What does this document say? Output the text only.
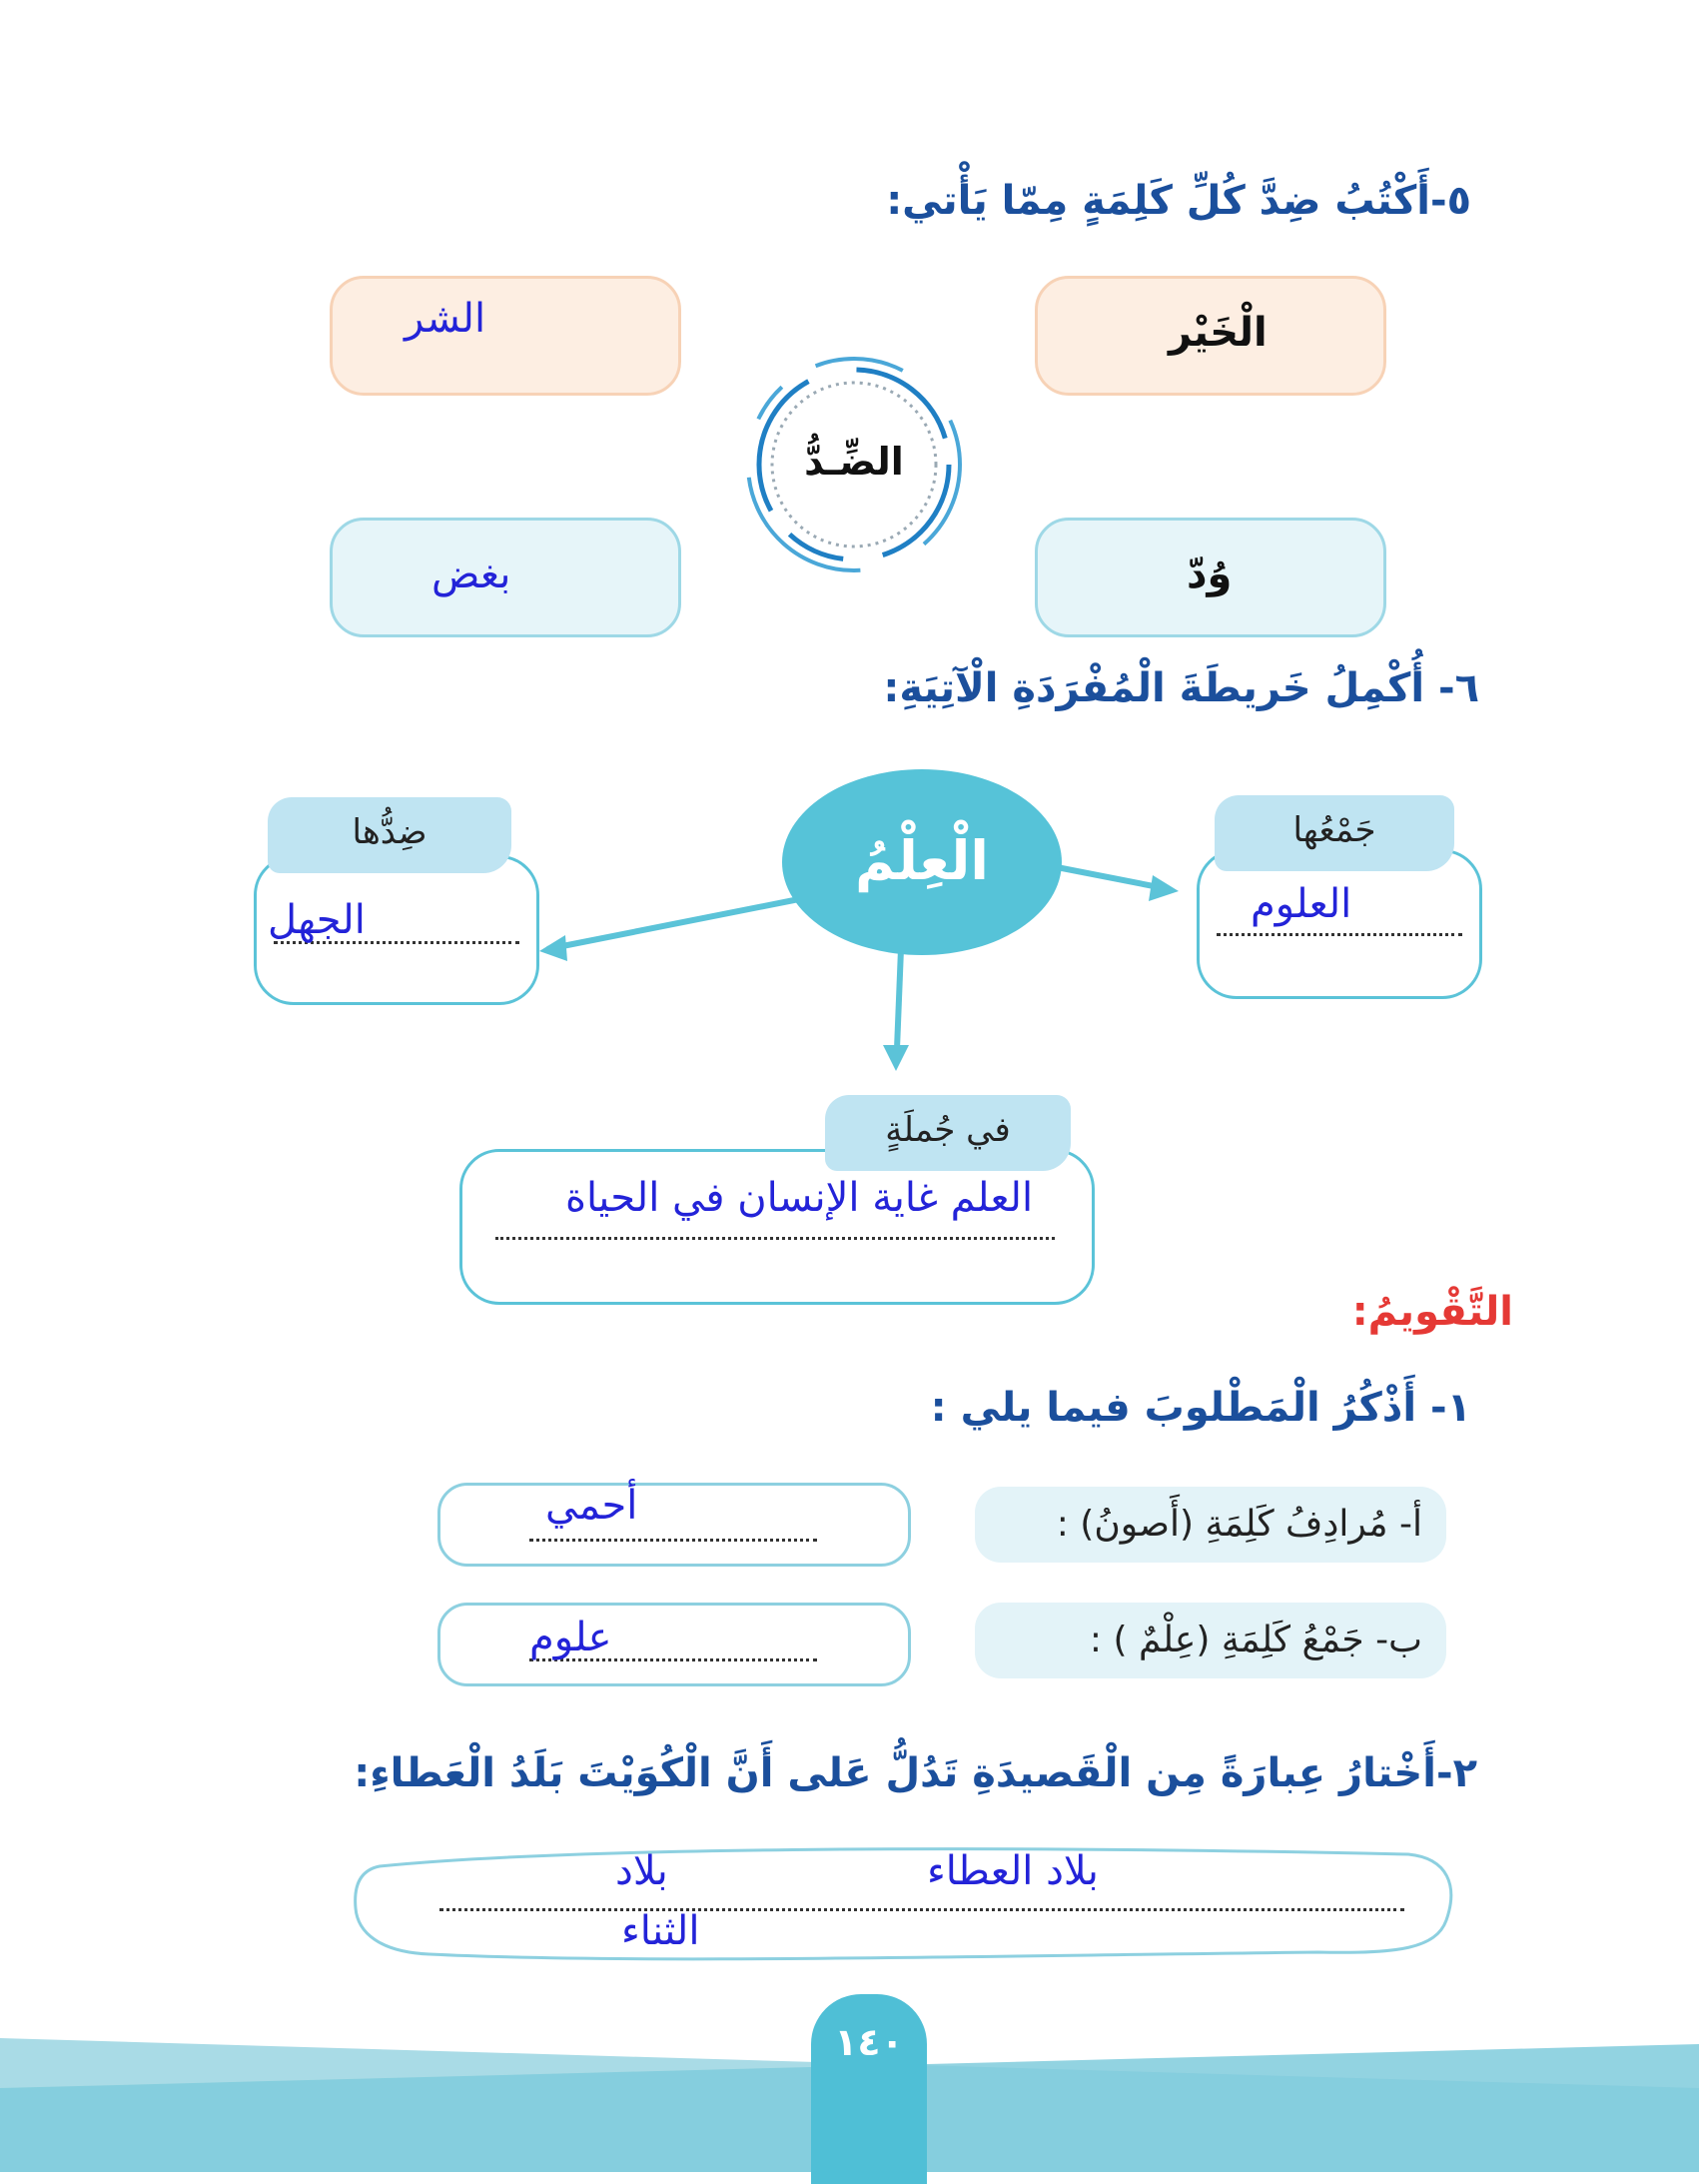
٥-أَكْتُبُ ضِدَّ كُلِّ كَلِمَةٍ مِمّا يَأْتي:
الشر	الْخَيْر
بغض	وُدّ
الضِّـدُّ
٦- أُكْمِلُ خَريطَةَ الْمُفْرَدَةِ الْآتِيَةِ:
الْعِلْمُ	جَمْعُها
العلوم
ضِدُّها
الجهل
في جُملَةٍ
العلم غاية الإنسان في الحياة
التَّقْويمُ:
١- أَذْكُرُ الْمَطْلوبَ فيما يلي :
أ- مُرادِفُ كَلِمَةِ (أَصونُ) :
أحمي
ب- جَمْعُ كَلِمَةِ (عِلْمٌ ) :
علوم
٢-أَخْتارُ عِبارَةً مِن الْقَصيدَةِ تَدُلُّ عَلى أَنَّ الْكُوَيْتَ بَلَدُ الْعَطاءِ:
بلاد العطاء
بلاد
الثناء
١٤٠
